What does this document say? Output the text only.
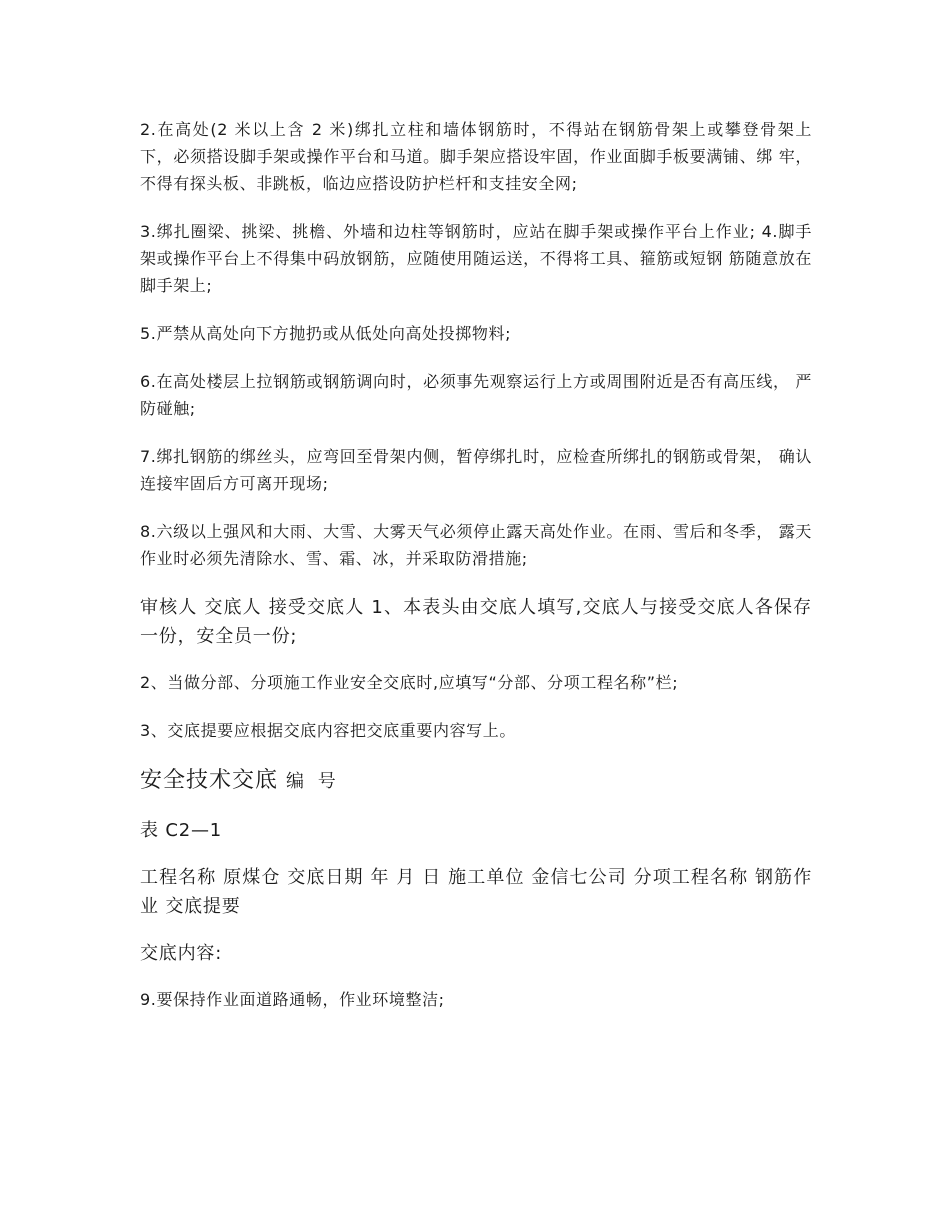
2.在高处(2 米以上含 2 米)绑扎立柱和墙体钢筋时，不得站在钢筋骨架上或攀登骨架上 下，必须搭设脚手架或操作平台和马道。脚手架应搭设牢固，作业面脚手板要满铺、绑 牢，不得有探头板、非跳板，临边应搭设防护栏杆和支挂安全网;

3.绑扎圈梁、挑梁、挑檐、外墙和边柱等钢筋时，应站在脚手架或操作平台上作业; 4.脚手架或操作平台上不得集中码放钢筋，应随使用随运送，不得将工具、箍筋或短钢 筋随意放在脚手架上;

5.严禁从高处向下方抛扔或从低处向高处投掷物料;

6.在高处楼层上拉钢筋或钢筋调向时，必须事先观察运行上方或周围附近是否有高压线， 严防碰触;

7.绑扎钢筋的绑丝头，应弯回至骨架内侧，暂停绑扎时，应检查所绑扎的钢筋或骨架， 确认连接牢固后方可离开现场;

8.六级以上强风和大雨、大雪、大雾天气必须停止露天高处作业。在雨、雪后和冬季， 露天作业时必须先清除水、雪、霜、冰，并采取防滑措施;

审核人 交底人 接受交底人 1、本表头由交底人填写,交底人与接受交底人各保存一份，安全员一份;

2、当做分部、分项施工作业安全交底时,应填写“分部、分项工程名称”栏;

3、交底提要应根据交底内容把交底重要内容写上。

安全技术交底 编 号

表 C2—1

工程名称 原煤仓 交底日期 年 月 日 施工单位 金信七公司 分项工程名称 钢筋作业 交底提要

交底内容:

9.要保持作业面道路通畅，作业环境整洁;
